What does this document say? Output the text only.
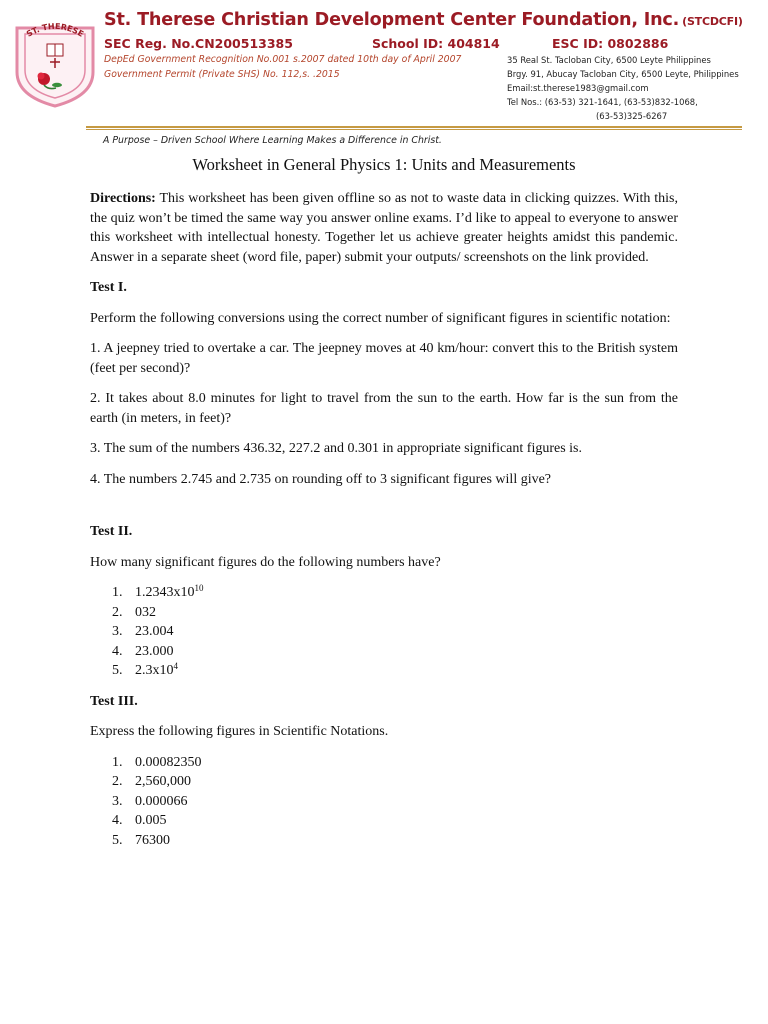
ST. THERESE
St. Therese Christian Development Center Foundation, Inc. (STCDCFI)
SEC Reg. No.CN200513385	School ID: 404814	ESC ID: 0802886
DepEd Government Recognition No.001 s.2007 dated 10th day of April 2007
Government Permit (Private SHS) No. 112,s. .2015
35 Real St. Tacloban City, 6500 Leyte Philippines
Brgy. 91, Abucay Tacloban City, 6500 Leyte, Philippines
Email:st.therese1983@gmail.com
Tel Nos.: (63-53) 321-1641, (63-53)832-1068,
(63-53)325-6267
A Purpose – Driven School Where Learning Makes a Difference in Christ.
Worksheet in General Physics 1: Units and Measurements

Directions: This worksheet has been given offline so as not to waste data in clicking quizzes. With this, the quiz won’t be timed the same way you answer online exams. I’d like to appeal to everyone to answer this worksheet with intellectual honesty. Together let us achieve greater heights amidst this pandemic. Answer in a separate sheet (word file, paper) submit your outputs/ screenshots on the link provided.

Test I.

Perform the following conversions using the correct number of significant figures in scientific notation:

1. A jeepney tried to overtake a car. The jeepney moves at 40 km/hour: convert this to the British system (feet per second)?

2. It takes about 8.0 minutes for light to travel from the sun to the earth. How far is the sun from the earth (in meters, in feet)?

3. The sum of the numbers 436.32, 227.2 and 0.301 in appropriate significant figures is.

4. The numbers 2.745 and 2.735 on rounding off to 3 significant figures will give?

Test II.

How many significant figures do the following numbers have?

1. $1.2343x10^{10}$
2. 032
3. 23.004
4. 23.000
5. $2.3x10^4$

Test III.

Express the following figures in Scientific Notations.

1. 0.00082350
2. 2,560,000
3. 0.000066
4. 0.005
5. 76300
